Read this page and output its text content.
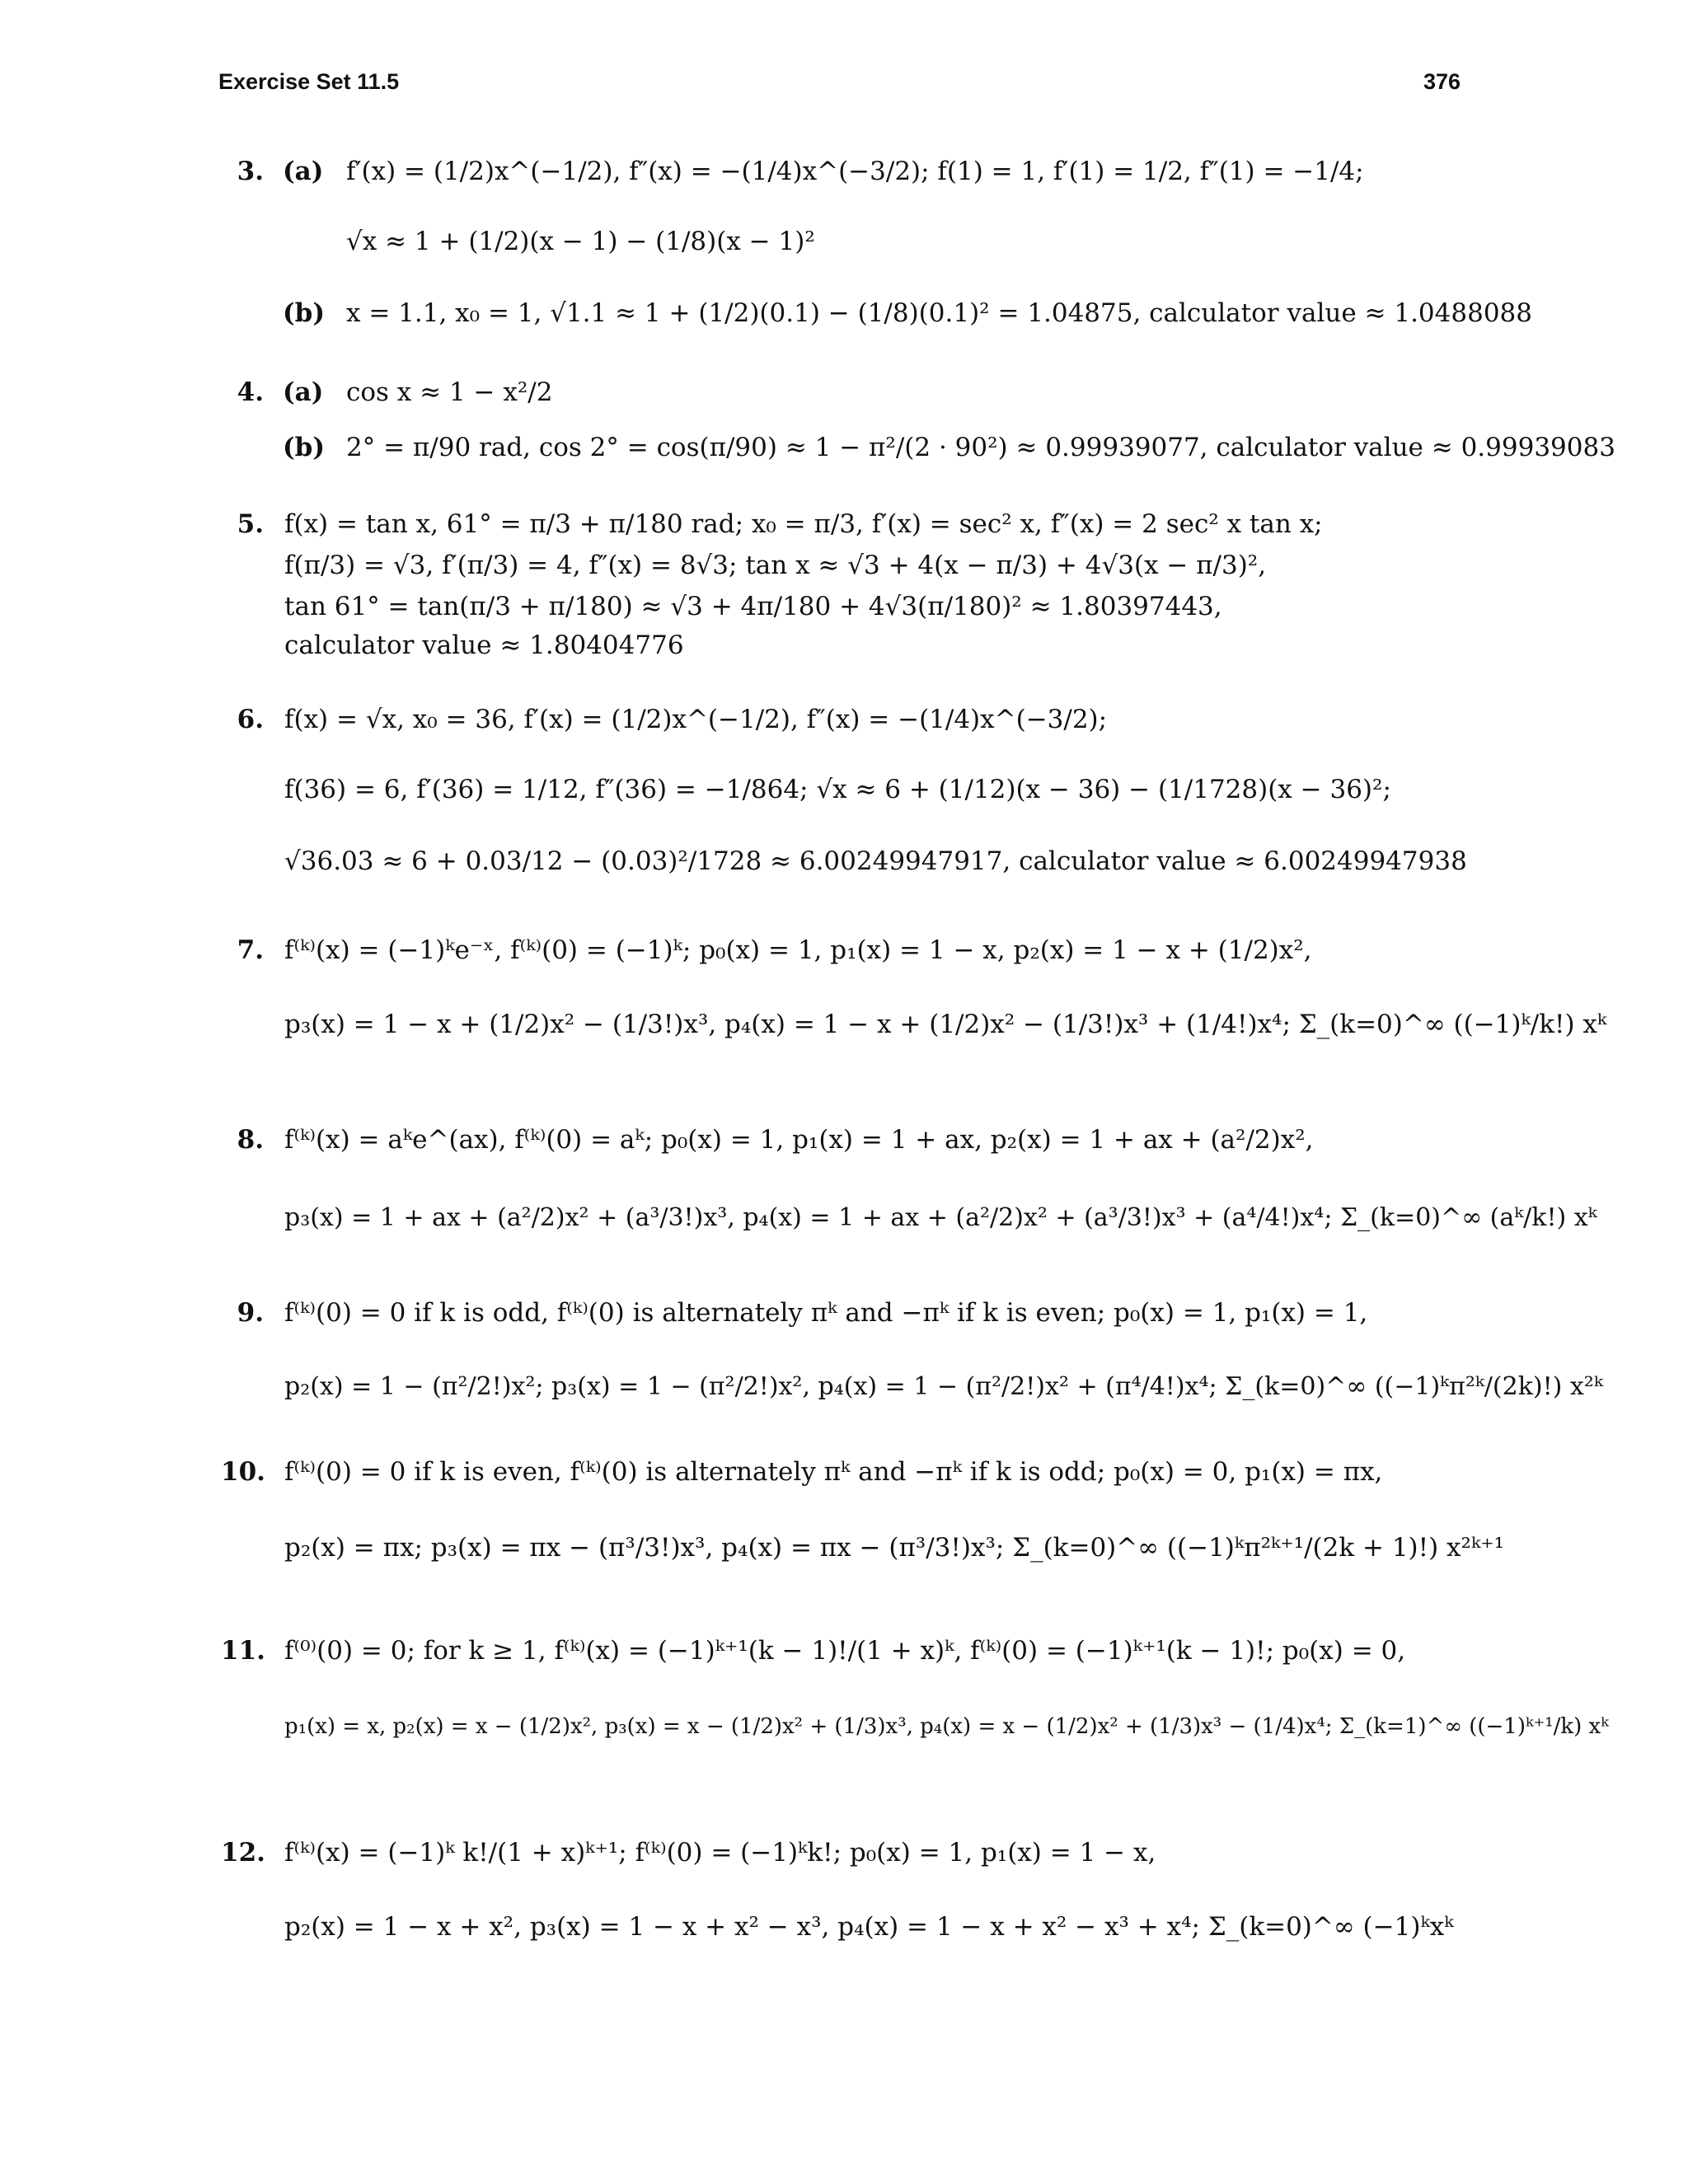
Exercise Set 11.5	376
3. (a) f′(x) = (1/2)x^(−1/2), f″(x) = −(1/4)x^(−3/2); f(1) = 1, f′(1) = 1/2, f″(1) = −1/4;
√x ≈ 1 + (1/2)(x − 1) − (1/8)(x − 1)²
(b) x = 1.1, x₀ = 1, √1.1 ≈ 1 + (1/2)(0.1) − (1/8)(0.1)² = 1.04875, calculator value ≈ 1.0488088
4. (a) cos x ≈ 1 − x²/2
(b) 2° = π/90 rad, cos 2° = cos(π/90) ≈ 1 − π²/(2 · 90²) ≈ 0.99939077, calculator value ≈ 0.99939083
5. f(x) = tan x, 61° = π/3 + π/180 rad; x₀ = π/3, f′(x) = sec² x, f″(x) = 2 sec² x tan x;
f(π/3) = √3, f′(π/3) = 4, f″(x) = 8√3; tan x ≈ √3 + 4(x − π/3) + 4√3(x − π/3)²,
tan 61° = tan(π/3 + π/180) ≈ √3 + 4π/180 + 4√3(π/180)² ≈ 1.80397443,
calculator value ≈ 1.80404776
6. f(x) = √x, x₀ = 36, f′(x) = (1/2)x^(−1/2), f″(x) = −(1/4)x^(−3/2);
f(36) = 6, f′(36) = 1/12, f″(36) = −1/864; √x ≈ 6 + (1/12)(x − 36) − (1/1728)(x − 36)²;
√36.03 ≈ 6 + 0.03/12 − (0.03)²/1728 ≈ 6.00249947917, calculator value ≈ 6.00249947938
7. f⁽ᵏ⁾(x) = (−1)ᵏe⁻ˣ, f⁽ᵏ⁾(0) = (−1)ᵏ; p₀(x) = 1, p₁(x) = 1 − x, p₂(x) = 1 − x + (1/2)x²,
p₃(x) = 1 − x + (1/2)x² − (1/3!)x³, p₄(x) = 1 − x + (1/2)x² − (1/3!)x³ + (1/4!)x⁴; Σ_(k=0)^∞ ((−1)ᵏ/k!) xᵏ
8. f⁽ᵏ⁾(x) = aᵏe^(ax), f⁽ᵏ⁾(0) = aᵏ; p₀(x) = 1, p₁(x) = 1 + ax, p₂(x) = 1 + ax + (a²/2)x²,
p₃(x) = 1 + ax + (a²/2)x² + (a³/3!)x³, p₄(x) = 1 + ax + (a²/2)x² + (a³/3!)x³ + (a⁴/4!)x⁴; Σ_(k=0)^∞ (aᵏ/k!) xᵏ
9. f⁽ᵏ⁾(0) = 0 if k is odd, f⁽ᵏ⁾(0) is alternately πᵏ and −πᵏ if k is even; p₀(x) = 1, p₁(x) = 1,
p₂(x) = 1 − (π²/2!)x²; p₃(x) = 1 − (π²/2!)x², p₄(x) = 1 − (π²/2!)x² + (π⁴/4!)x⁴; Σ_(k=0)^∞ ((−1)ᵏπ²ᵏ/(2k)!) x²ᵏ
10. f⁽ᵏ⁾(0) = 0 if k is even, f⁽ᵏ⁾(0) is alternately πᵏ and −πᵏ if k is odd; p₀(x) = 0, p₁(x) = πx,
p₂(x) = πx; p₃(x) = πx − (π³/3!)x³, p₄(x) = πx − (π³/3!)x³; Σ_(k=0)^∞ ((−1)ᵏπ²ᵏ⁺¹/(2k + 1)!) x²ᵏ⁺¹
11. f⁽⁰⁾(0) = 0; for k ≥ 1, f⁽ᵏ⁾(x) = (−1)ᵏ⁺¹(k − 1)!/(1 + x)ᵏ, f⁽ᵏ⁾(0) = (−1)ᵏ⁺¹(k − 1)!; p₀(x) = 0,
p₁(x) = x, p₂(x) = x − (1/2)x², p₃(x) = x − (1/2)x² + (1/3)x³, p₄(x) = x − (1/2)x² + (1/3)x³ − (1/4)x⁴; Σ_(k=1)^∞ ((−1)ᵏ⁺¹/k) xᵏ
12. f⁽ᵏ⁾(x) = (−1)ᵏ k!/(1 + x)ᵏ⁺¹; f⁽ᵏ⁾(0) = (−1)ᵏk!; p₀(x) = 1, p₁(x) = 1 − x,
p₂(x) = 1 − x + x², p₃(x) = 1 − x + x² − x³, p₄(x) = 1 − x + x² − x³ + x⁴; Σ_(k=0)^∞ (−1)ᵏxᵏ
